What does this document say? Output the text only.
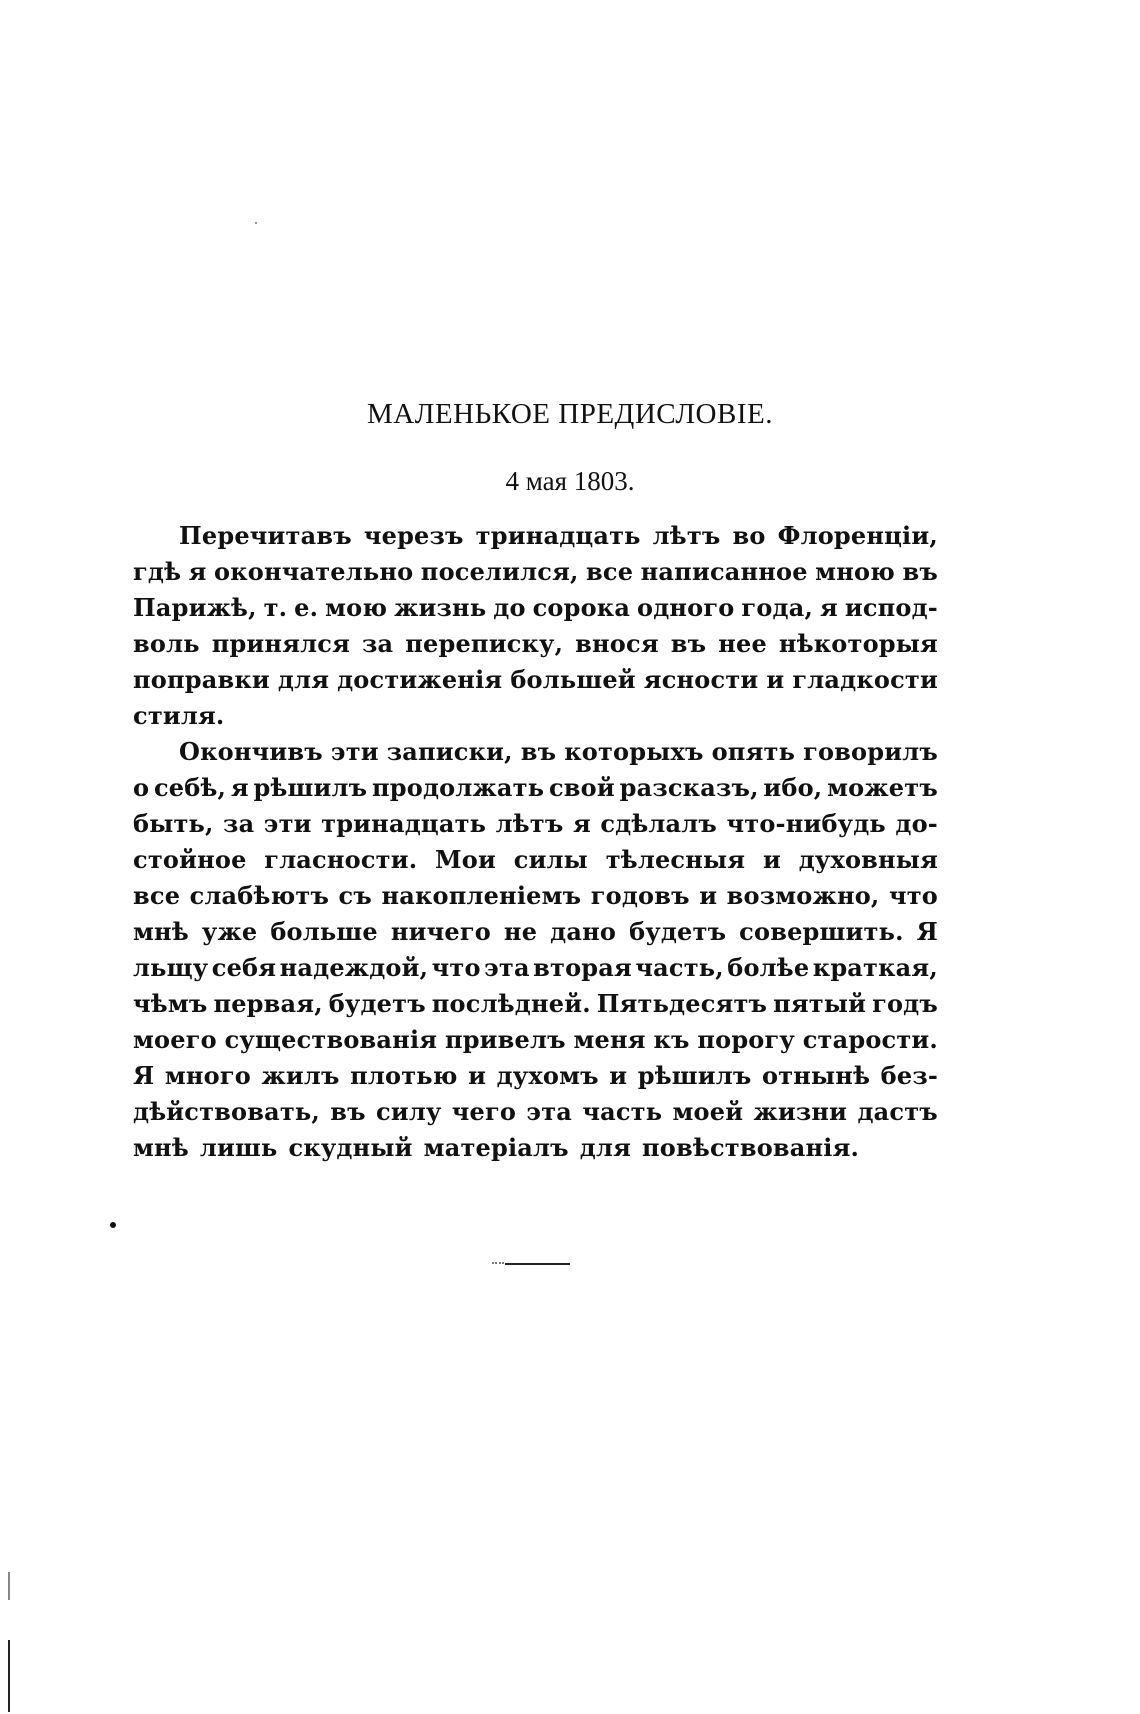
МАЛЕНЬКОЕ ПРЕДИСЛОВІЕ.

4 мая 1803.

Перечитавъ черезъ тринадцать лѣтъ во Флоренціи,
гдѣ я окончательно поселился, все написанное мною въ
Парижѣ, т. е. мою жизнь до сорока одного года, я испод-
воль принялся за переписку, внося въ нее нѣкоторыя
поправки для достиженія большей ясности и гладкости
стиля.
Окончивъ эти записки, въ которыхъ опять говорилъ
о себѣ, я рѣшилъ продолжать свой разсказъ, ибо, можетъ
быть, за эти тринадцать лѣтъ я сдѣлалъ что-нибудь до-
стойное гласности. Мои силы тѣлесныя и духовныя
все слабѣютъ съ накопленіемъ годовъ и возможно, что
мнѣ уже больше ничего не дано будетъ совершить. Я
льщу себя надеждой, что эта вторая часть, болѣе краткая,
чѣмъ первая, будетъ послѣдней. Пятьдесятъ пятый годъ
моего существованія привелъ меня къ порогу старости.
Я много жилъ плотью и духомъ и рѣшилъ отнынѣ без-
дѣйствовать, въ силу чего эта часть моей жизни дастъ
мнѣ лишь скудный матеріалъ для повѣствованія.
